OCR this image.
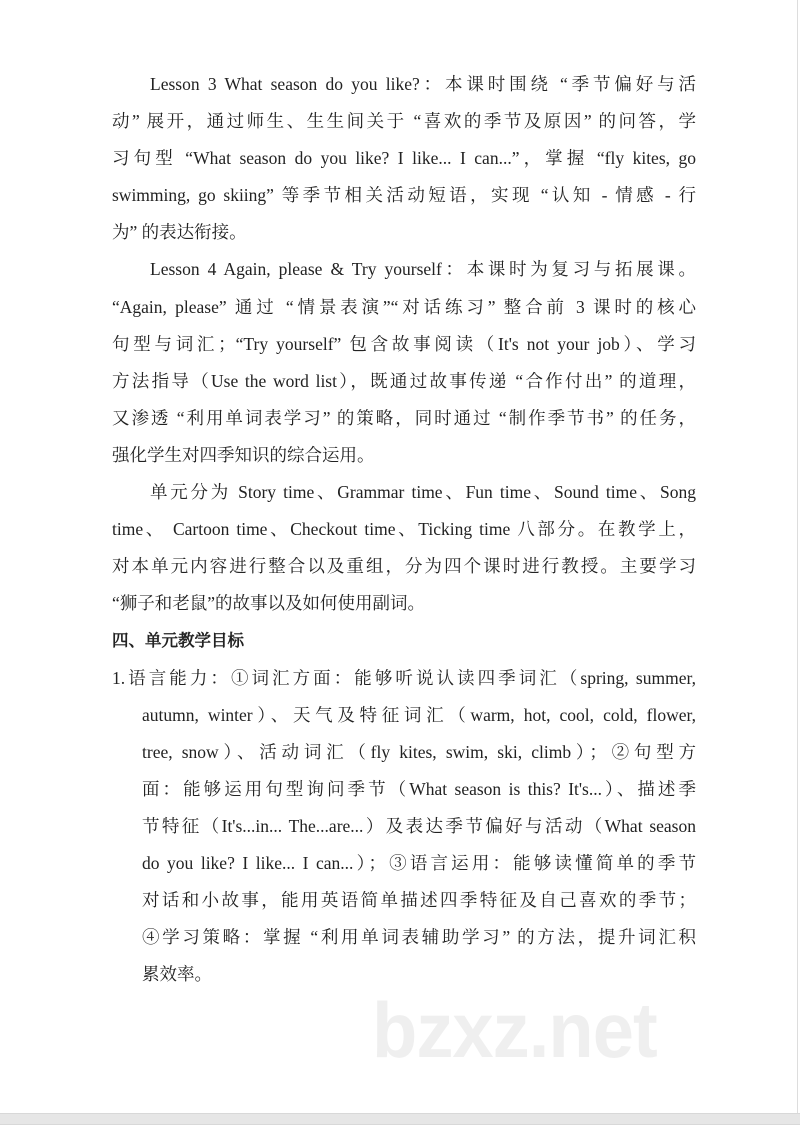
Lesson 3 What season do you like?：本课时围绕 “季节偏好与活
动” 展开，通过师生、生生间关于 “喜欢的季节及原因” 的问答，学
习句型 “What season do you like? I like... I can...”，掌握 “fly kites, go
swimming, go skiing” 等季节相关活动短语，实现 “认知 - 情感 - 行
为” 的表达衔接。
Lesson 4 Again, please & Try yourself：本课时为复习与拓展课。
“Again, please” 通过 “情景表演”“对话练习” 整合前 3 课时的核心
句型与词汇；“Try yourself” 包含故事阅读（It's not your job）、学习
方法指导（Use the word list），既通过故事传递 “合作付出” 的道理，
又渗透 “利用单词表学习” 的策略，同时通过 “制作季节书” 的任务，
强化学生对四季知识的综合运用。
单元分为 Story time、Grammar time、Fun time、Sound time、Song
time、 Cartoon time、Checkout time、Ticking time 八部分。在教学上，
对本单元内容进行整合以及重组，分为四个课时进行教授。主要学习
“狮子和老鼠”的故事以及如何使用副词。
四、单元教学目标
1.语言能力：①词汇方面：能够听说认读四季词汇（spring, summer,
autumn, winter）、天气及特征词汇（warm, hot, cool, cold, flower,
tree, snow）、活动词汇（fly kites, swim, ski, climb）；②句型方
面：能够运用句型询问季节（What season is this? It's...）、描述季
节特征（It's...in... The...are...）及表达季节偏好与活动（What season
do you like? I like... I can...）；③语言运用：能够读懂简单的季节
对话和小故事，能用英语简单描述四季特征及自己喜欢的季节；
④学习策略：掌握 “利用单词表辅助学习” 的方法，提升词汇积
累效率。
bzxz.net
